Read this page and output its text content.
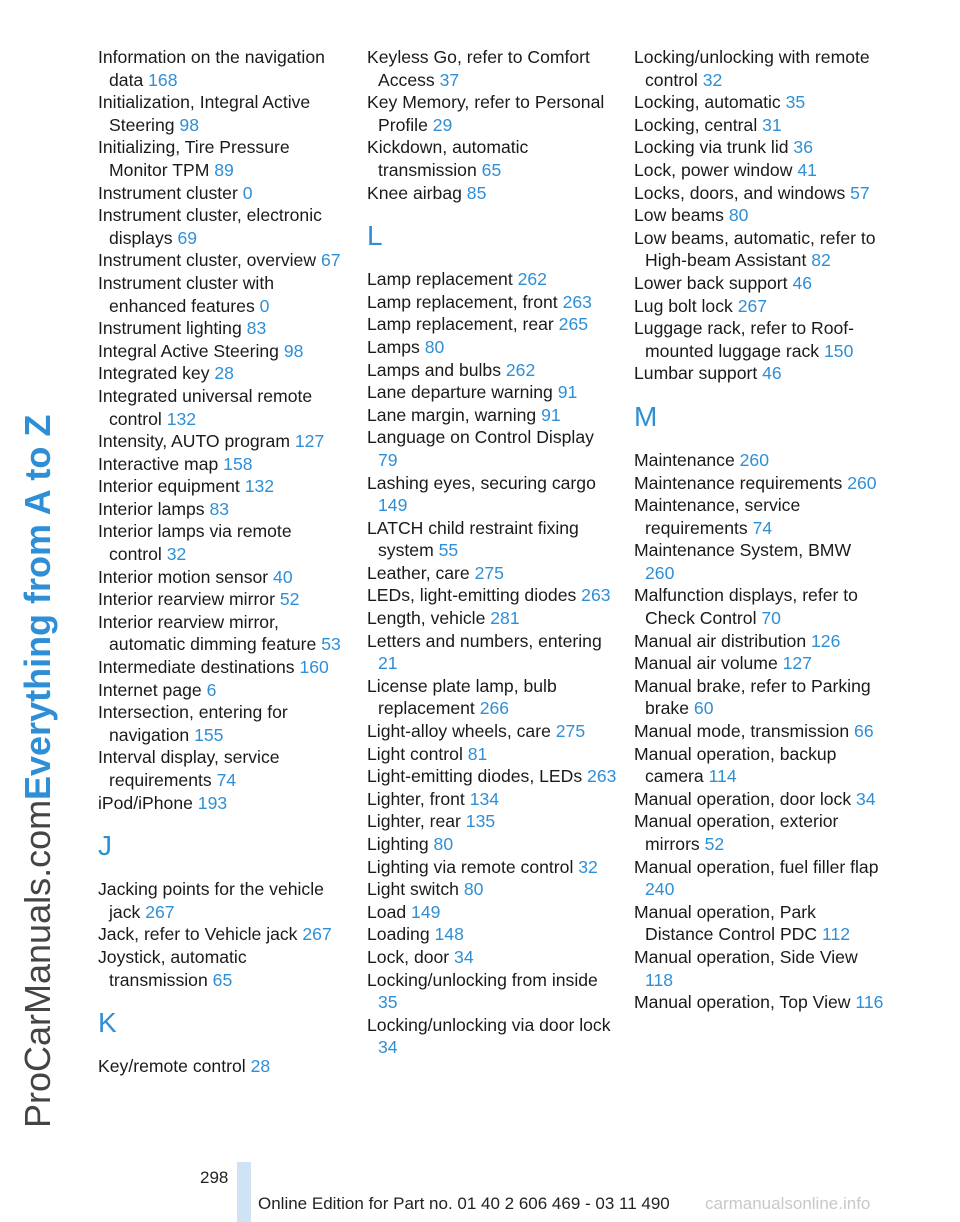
ProCarManuals.comEverything from A to Z
Information on the navigation data 168
Initialization, Integral Active Steering 98
Initializing, Tire Pressure Monitor TPM 89
Instrument cluster 0
Instrument cluster, electronic displays 69
Instrument cluster, overview 67
Instrument cluster with enhanced features 0
Instrument lighting 83
Integral Active Steering 98
Integrated key 28
Integrated universal remote control 132
Intensity, AUTO program 127
Interactive map 158
Interior equipment 132
Interior lamps 83
Interior lamps via remote control 32
Interior motion sensor 40
Interior rearview mirror 52
Interior rearview mirror, automatic dimming feature 53
Intermediate destinations 160
Internet page 6
Intersection, entering for navigation 155
Interval display, service requirements 74
iPod/iPhone 193
J
Jacking points for the vehicle jack 267
Jack, refer to Vehicle jack 267
Joystick, automatic transmission 65
K
Key/remote control 28
Keyless Go, refer to Comfort Access 37
Key Memory, refer to Personal Profile 29
Kickdown, automatic transmission 65
Knee airbag 85
L
Lamp replacement 262
Lamp replacement, front 263
Lamp replacement, rear 265
Lamps 80
Lamps and bulbs 262
Lane departure warning 91
Lane margin, warning 91
Language on Control Display 79
Lashing eyes, securing cargo 149
LATCH child restraint fixing system 55
Leather, care 275
LEDs, light-emitting diodes 263
Length, vehicle 281
Letters and numbers, entering 21
License plate lamp, bulb replacement 266
Light-alloy wheels, care 275
Light control 81
Light-emitting diodes, LEDs 263
Lighter, front 134
Lighter, rear 135
Lighting 80
Lighting via remote control 32
Light switch 80
Load 149
Loading 148
Lock, door 34
Locking/unlocking from inside 35
Locking/unlocking via door lock 34
Locking/unlocking with remote control 32
Locking, automatic 35
Locking, central 31
Locking via trunk lid 36
Lock, power window 41
Locks, doors, and windows 57
Low beams 80
Low beams, automatic, refer to High-beam Assistant 82
Lower back support 46
Lug bolt lock 267
Luggage rack, refer to Roof-mounted luggage rack 150
Lumbar support 46
M
Maintenance 260
Maintenance requirements 260
Maintenance, service requirements 74
Maintenance System, BMW 260
Malfunction displays, refer to Check Control 70
Manual air distribution 126
Manual air volume 127
Manual brake, refer to Parking brake 60
Manual mode, transmission 66
Manual operation, backup camera 114
Manual operation, door lock 34
Manual operation, exterior mirrors 52
Manual operation, fuel filler flap 240
Manual operation, Park Distance Control PDC 112
Manual operation, Side View 118
Manual operation, Top View 116
298
Online Edition for Part no. 01 40 2 606 469 - 03 11 490 carmanualsonline.info
